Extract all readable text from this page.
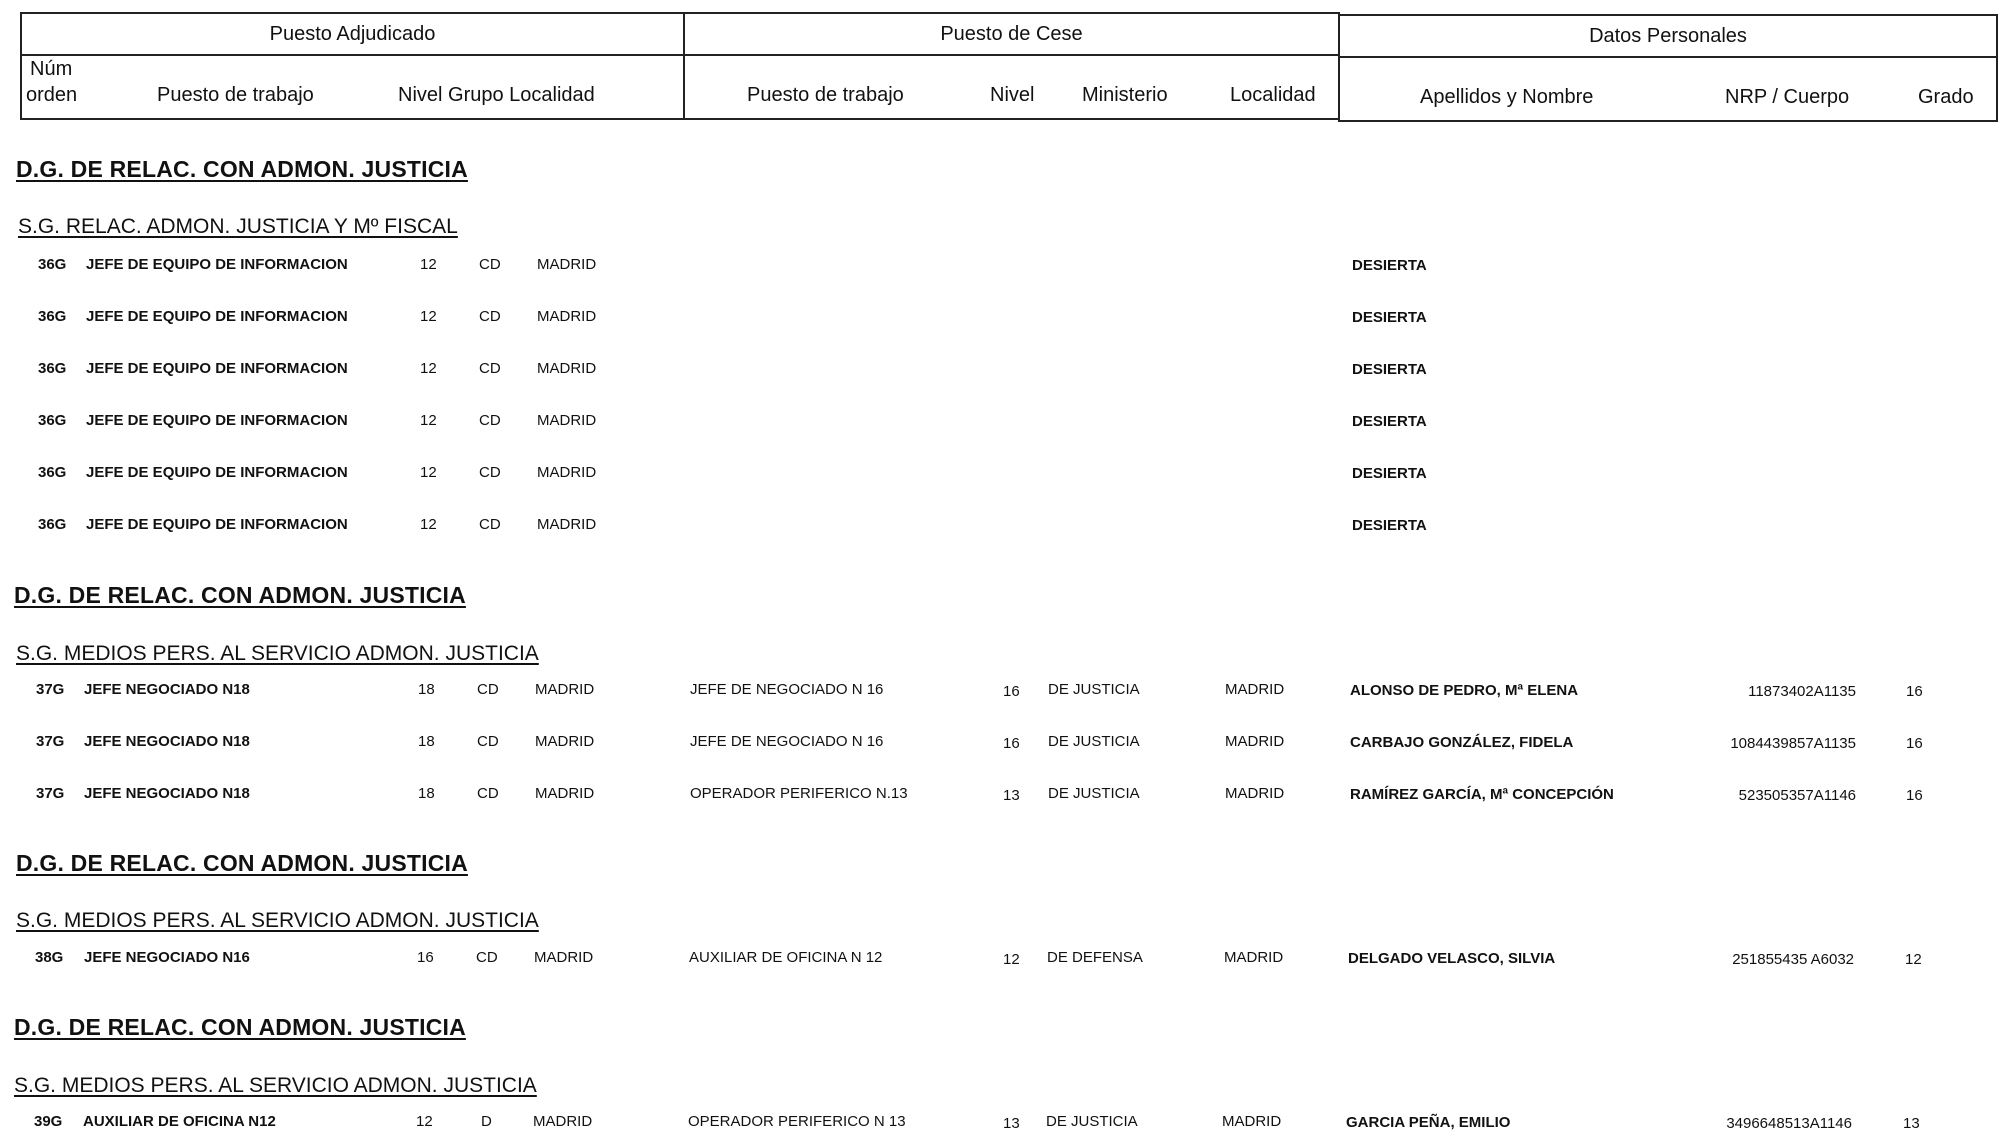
Puesto Adjudicado
Núm
orden	Puesto de trabajo	Nivel Grupo Localidad
Puesto de Cese
Puesto de trabajo	Nivel Ministerio	Localidad
Datos Personales
Apellidos y Nombre	NRP / Cuerpo	Grado
D.G. DE RELAC. CON ADMON. JUSTICIA
S.G. RELAC. ADMON. JUSTICIA Y Mº FISCAL
36G JEFE DE EQUIPO DE INFORMACION	12	CD MADRID	DESIERTA
36G JEFE DE EQUIPO DE INFORMACION	12	CD MADRID	DESIERTA
36G JEFE DE EQUIPO DE INFORMACION	12	CD MADRID	DESIERTA
36G JEFE DE EQUIPO DE INFORMACION	12	CD MADRID	DESIERTA
36G JEFE DE EQUIPO DE INFORMACION	12	CD MADRID	DESIERTA
36G JEFE DE EQUIPO DE INFORMACION	12	CD MADRID	DESIERTA
D.G. DE RELAC. CON ADMON. JUSTICIA
S.G. MEDIOS PERS. AL SERVICIO ADMON. JUSTICIA
37G JEFE NEGOCIADO N18	18	CD MADRID	JEFE DE NEGOCIADO N 16	16 DE JUSTICIA	MADRID	ALONSO DE PEDRO, Mª ELENA	11873402A1135	16
37G JEFE NEGOCIADO N18	18	CD MADRID	JEFE DE NEGOCIADO N 16	16 DE JUSTICIA	MADRID	CARBAJO GONZÁLEZ, FIDELA	1084439857A1135	16
37G JEFE NEGOCIADO N18	18	CD MADRID	OPERADOR PERIFERICO N.13	13 DE JUSTICIA	MADRID	RAMÍREZ GARCÍA, Mª CONCEPCIÓN	523505357A1146	16
D.G. DE RELAC. CON ADMON. JUSTICIA
S.G. MEDIOS PERS. AL SERVICIO ADMON. JUSTICIA
38G JEFE NEGOCIADO N16	16	CD MADRID	AUXILIAR DE OFICINA N 12	12 DE DEFENSA	MADRID	DELGADO VELASCO, SILVIA	251855435 A6032	12
D.G. DE RELAC. CON ADMON. JUSTICIA
S.G. MEDIOS PERS. AL SERVICIO ADMON. JUSTICIA
39G AUXILIAR DE OFICINA N12	12	D	MADRID	OPERADOR PERIFERICO N 13	13 DE JUSTICIA	MADRID	GARCIA PEÑA, EMILIO	3496648513A1146	13
